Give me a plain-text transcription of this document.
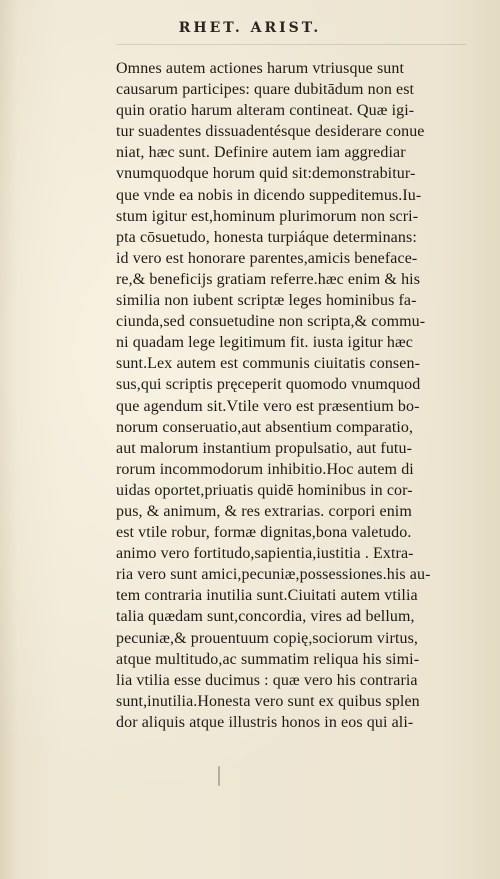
RHET. ARIST.
Omnes autem actiones harum vtriusque sunt
causarum participes: quare dubitādum non est
quin oratio harum alteram contineat. Quæ igi-
tur suadentes dissuadentésque desiderare conue
niat, hæc sunt. Definire autem iam aggrediar
vnumquodque horum quid sit:demonstrabitur-
que vnde ea nobis in dicendo suppeditemus.Iu-
stum igitur est,hominum plurimorum non scri-
pta cōsuetudo, honesta turpiáque determinans:
id vero est honorare parentes,amicis beneface-
re,& beneficijs gratiam referre.hæc enim & his
similia non iubent scriptæ leges hominibus fa-
ciunda,sed consuetudine non scripta,& commu-
ni quadam lege legitimum fit. iusta igitur hæc
sunt.Lex autem est communis ciuitatis consen-
sus,qui scriptis pręceperit quomodo vnumquod
que agendum sit.Vtile vero est præsentium bo-
norum conseruatio,aut absentium comparatio,
aut malorum instantium propulsatio, aut futu-
rorum incommodorum inhibitio.Hoc autem di
uidas oportet,priuatis quidē hominibus in cor-
pus, & animum, & res extrarias. corpori enim
est vtile robur, formæ dignitas,bona valetudo.
animo vero fortitudo,sapientia,iustitia . Extra-
ria vero sunt amici,pecuniæ,possessiones.his au-
tem contraria inutilia sunt.Ciuitati autem vtilia
talia quædam sunt,concordia, vires ad bellum,
pecuniæ,& prouentuum copię,sociorum virtus,
atque multitudo,ac summatim reliqua his simi-
lia vtilia esse ducimus : quæ vero his contraria
sunt,inutilia.Honesta vero sunt ex quibus splen
dor aliquis atque illustris honos in eos qui ali-
